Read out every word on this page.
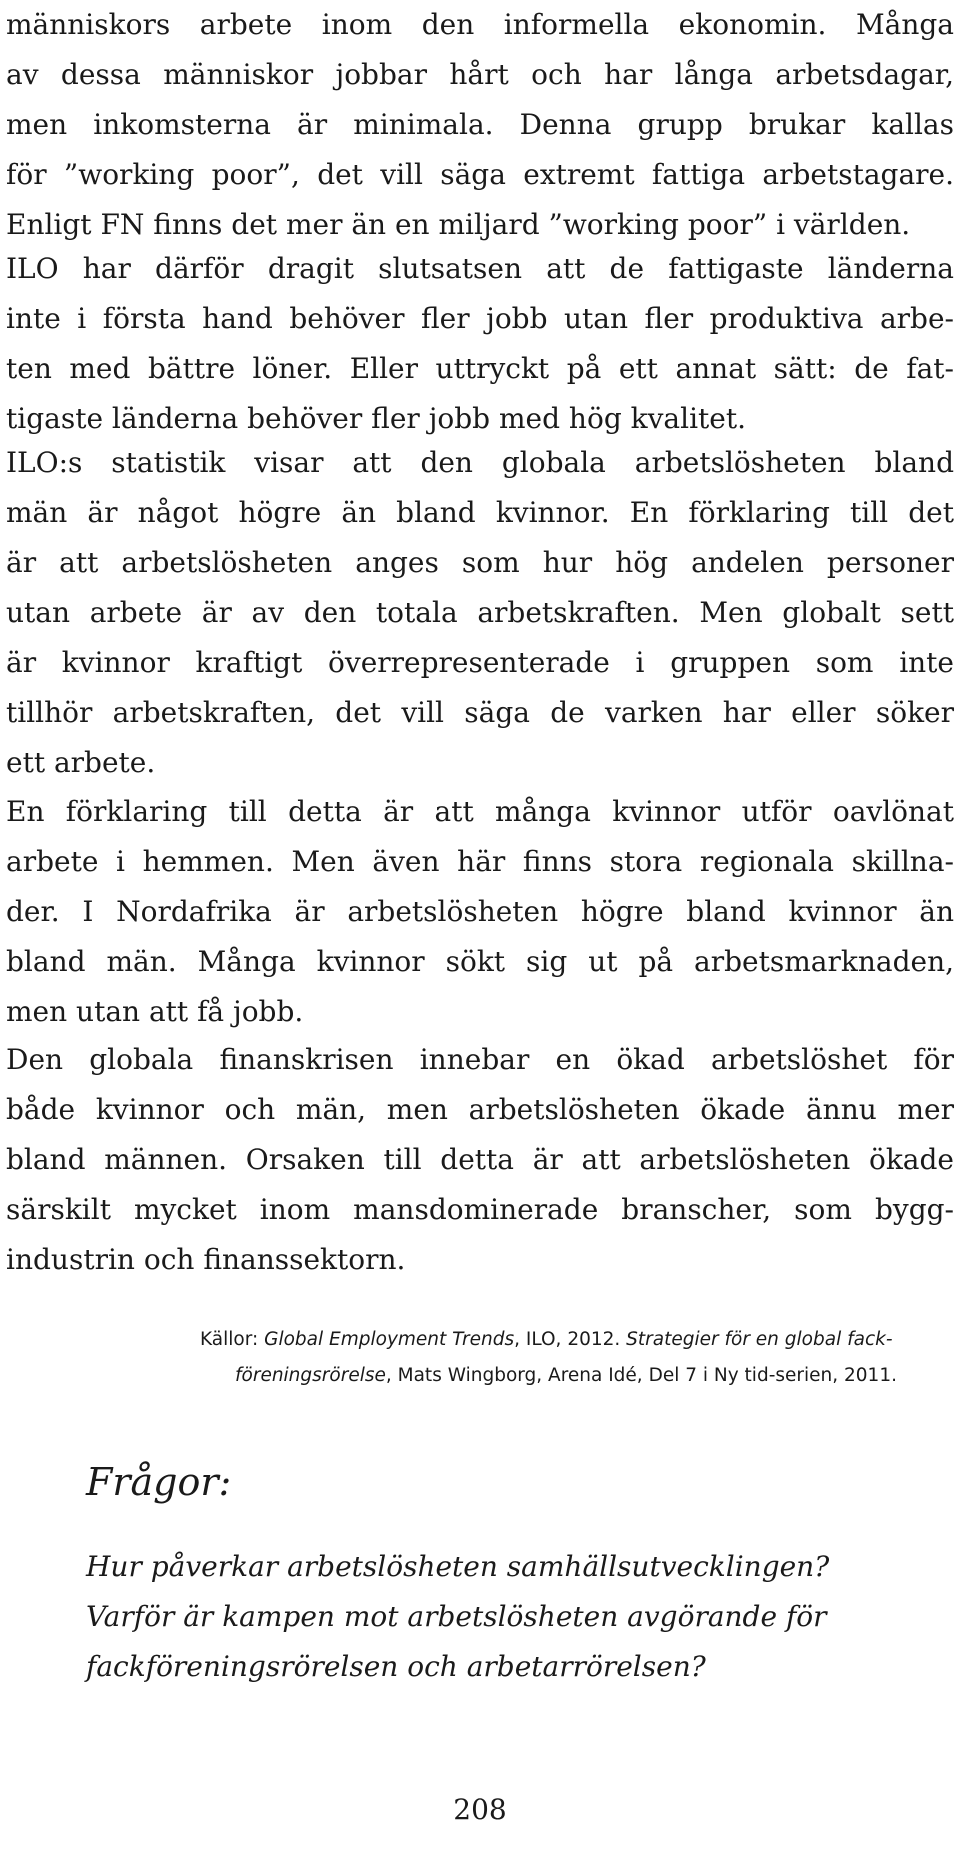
människors arbete inom den informella ekonomin. Många
av dessa människor jobbar hårt och har långa arbetsdagar,
men inkomsterna är minimala. Denna grupp brukar kallas
för ”working poor”, det vill säga extremt fattiga arbetstagare.
Enligt FN finns det mer än en miljard ”working poor” i världen.

ILO har därför dragit slutsatsen att de fattigaste länderna
inte i första hand behöver fler jobb utan fler produktiva arbe-
ten med bättre löner. Eller uttryckt på ett annat sätt: de fat-
tigaste länderna behöver fler jobb med hög kvalitet.

ILO:s statistik visar att den globala arbetslösheten bland
män är något högre än bland kvinnor. En förklaring till det
är att arbetslösheten anges som hur hög andelen personer
utan arbete är av den totala arbetskraften. Men globalt sett
är kvinnor kraftigt överrepresenterade i gruppen som inte
tillhör arbetskraften, det vill säga de varken har eller söker
ett arbete.

En förklaring till detta är att många kvinnor utför oavlönat
arbete i hemmen. Men även här finns stora regionala skillna-
der. I Nordafrika är arbetslösheten högre bland kvinnor än
bland män. Många kvinnor sökt sig ut på arbetsmarknaden,
men utan att få jobb.

Den globala finanskrisen innebar en ökad arbetslöshet för
både kvinnor och män, men arbetslösheten ökade ännu mer
bland männen. Orsaken till detta är att arbetslösheten ökade
särskilt mycket inom mansdominerade branscher, som bygg-
industrin och finanssektorn.

Källor: Global Employment Trends, ILO, 2012. Strategier för en global fack-
föreningsrörelse, Mats Wingborg, Arena Idé, Del 7 i Ny tid-serien, 2011.

Frågor:
Hur påverkar arbetslösheten samhällsutvecklingen?
Varför är kampen mot arbetslösheten avgörande för
fackföreningsrörelsen och arbetarrörelsen?
208
